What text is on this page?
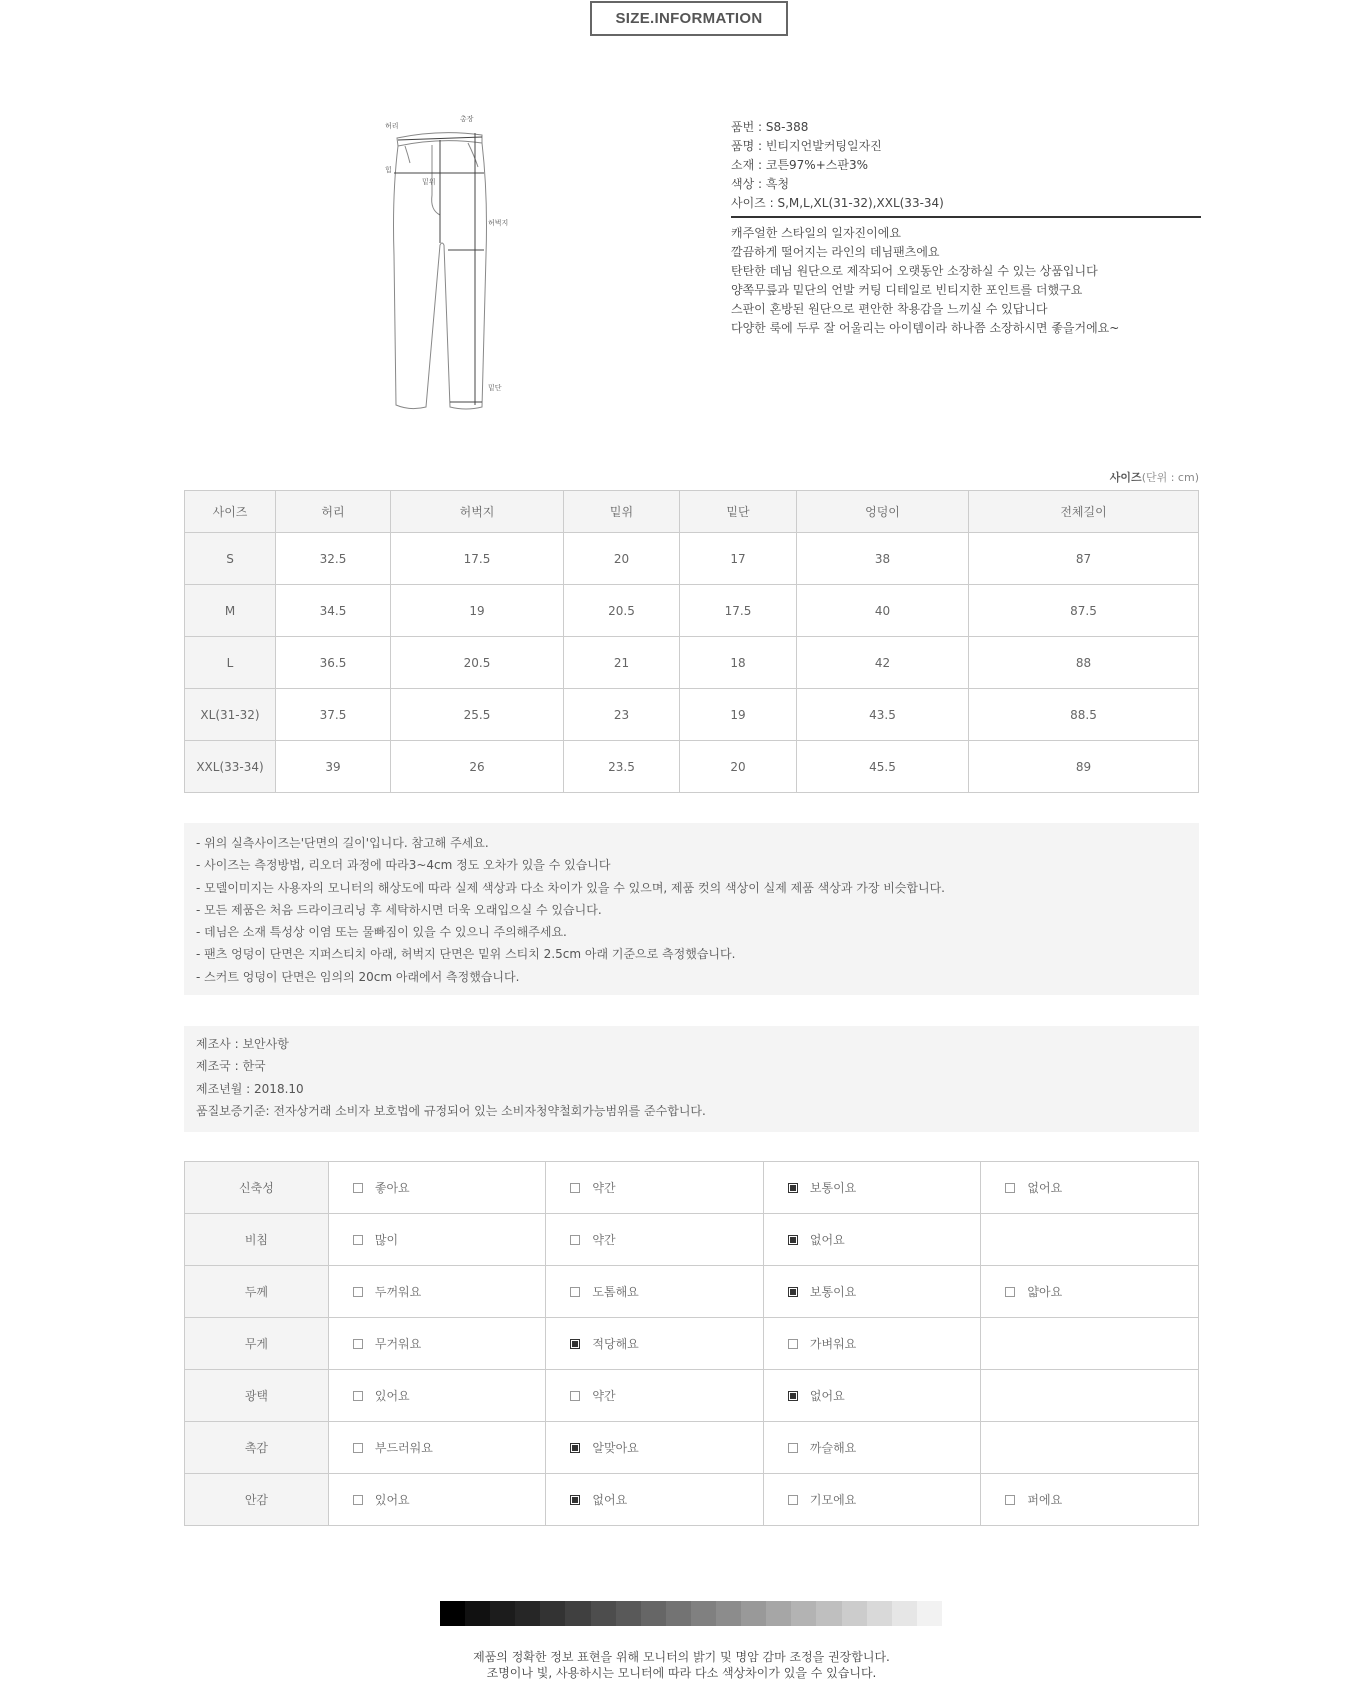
SIZE.INFORMATION
허리
총장
힙
밑위
허벅지
밑단
품번 : S8-388
품명 : 빈티지언발커팅일자진
소재 : 코튼97%+스판3%
색상 : 흑청
사이즈 : S,M,L,XL(31-32),XXL(33-34)
캐주얼한 스타일의 일자진이에요
깔끔하게 떨어지는 라인의 데님팬츠에요
탄탄한 데님 원단으로 제작되어 오랫동안 소장하실 수 있는 상품입니다
양쪽무릎과 밑단의 언발 커팅 디테일로 빈티지한 포인트를 더했구요
스판이 혼방된 원단으로 편안한 착용감을 느끼실 수 있답니다
다양한 룩에 두루 잘 어울리는 아이템이라 하나쯤 소장하시면 좋을거에요~
사이즈(단위 : cm)
사이즈	허리	허벅지	밑위	밑단	엉덩이	전체길이
S	32.5	17.5	20	17	38	87
M	34.5	19	20.5	17.5	40	87.5
L	36.5	20.5	21	18	42	88
XL(31-32)	37.5	25.5	23	19	43.5	88.5
XXL(33-34)	39	26	23.5	20	45.5	89
- 위의 실측사이즈는'단면의 길이'입니다. 참고해 주세요.
- 사이즈는 측정방법, 리오더 과정에 따라3~4cm 정도 오차가 있을 수 있습니다
- 모델이미지는 사용자의 모니터의 해상도에 따라 실제 색상과 다소 차이가 있을 수 있으며, 제품 컷의 색상이 실제 제품 색상과 가장 비슷합니다.
- 모든 제품은 처음 드라이크리닝 후 세탁하시면 더욱 오래입으실 수 있습니다.
- 데님은 소재 특성상 이염 또는 물빠짐이 있을 수 있으니 주의해주세요.
- 팬츠 엉덩이 단면은 지퍼스티치 아래, 허벅지 단면은 밑위 스티치 2.5cm 아래 기준으로 측정했습니다.
- 스커트 엉덩이 단면은 임의의 20cm 아래에서 측정했습니다.
제조사 : 보안사항
제조국 : 한국
제조년월 : 2018.10
품질보증기준: 전자상거래 소비자 보호법에 규정되어 있는 소비자청약철회가능범위를 준수합니다.
신축성	좋아요	약간	보통이요	없어요
비침	많이	약간	없어요	
두께	두꺼워요	도톰해요	보통이요	얇아요
무게	무거워요	적당해요	가벼워요	
광택	있어요	약간	없어요	
촉감	부드러워요	알맞아요	까슬해요	
안감	있어요	없어요	기모에요	퍼에요
제품의 정확한 정보 표현을 위해 모니터의 밝기 및 명암 감마 조정을 권장합니다.
조명이나 빛, 사용하시는 모니터에 따라 다소 색상차이가 있을 수 있습니다.
